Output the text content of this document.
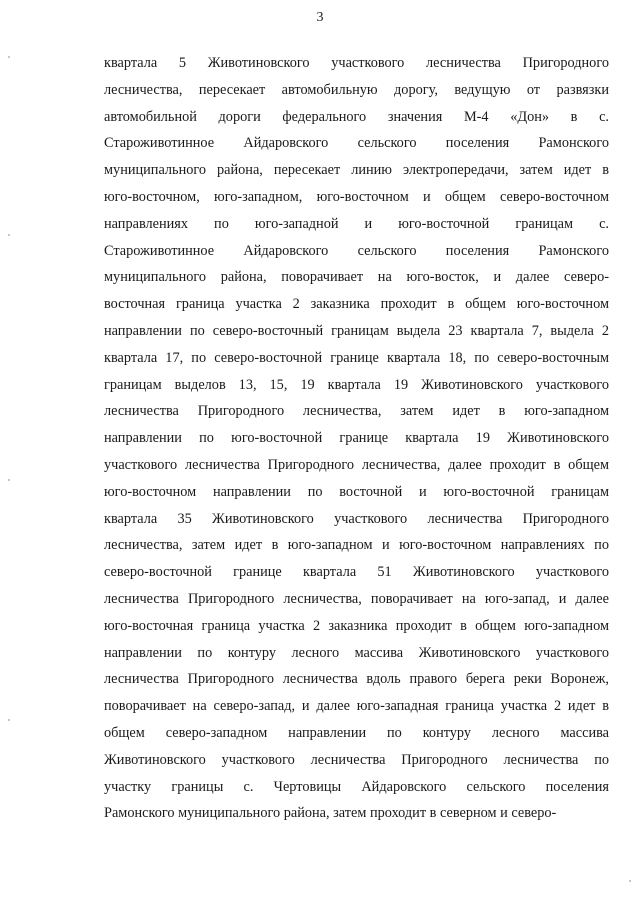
3
квартала 5 Животиновского участкового лесничества Пригородного
лесничества, пересекает автомобильную дорогу, ведущую от развязки
автомобильной дороги федерального значения М-4 «Дон» в с.
Староживотинное Айдаровского сельского поселения Рамонского
муниципального района, пересекает линию электропередачи, затем идет в
юго-восточном, юго-западном, юго-восточном и общем северо-восточном
направлениях по юго-западной и юго-восточной границам с.
Староживотинное Айдаровского сельского поселения Рамонского
муниципального района, поворачивает на юго-восток, и далее северо-
восточная граница участка 2 заказника проходит в общем юго-восточном
направлении по северо-восточный границам выдела 23 квартала 7, выдела 2
квартала 17, по северо-восточной границе квартала 18, по северо-восточным
границам выделов 13, 15, 19 квартала 19 Животиновского участкового
лесничества Пригородного лесничества, затем идет в юго-западном
направлении по юго-восточной границе квартала 19 Животиновского
участкового лесничества Пригородного лесничества, далее проходит в общем
юго-восточном направлении по восточной и юго-восточной границам
квартала 35 Животиновского участкового лесничества Пригородного
лесничества, затем идет в юго-западном и юго-восточном направлениях по
северо-восточной границе квартала 51 Животиновского участкового
лесничества Пригородного лесничества, поворачивает на юго-запад, и далее
юго-восточная граница участка 2 заказника проходит в общем юго-западном
направлении по контуру лесного массива Животиновского участкового
лесничества Пригородного лесничества вдоль правого берега реки Воронеж,
поворачивает на северо-запад, и далее юго-западная граница участка 2 идет в
общем северо-западном направлении по контуру лесного массива
Животиновского участкового лесничества Пригородного лесничества по
участку границы с. Чертовицы Айдаровского сельского поселения
Рамонского муниципального района, затем проходит в северном и северо-
